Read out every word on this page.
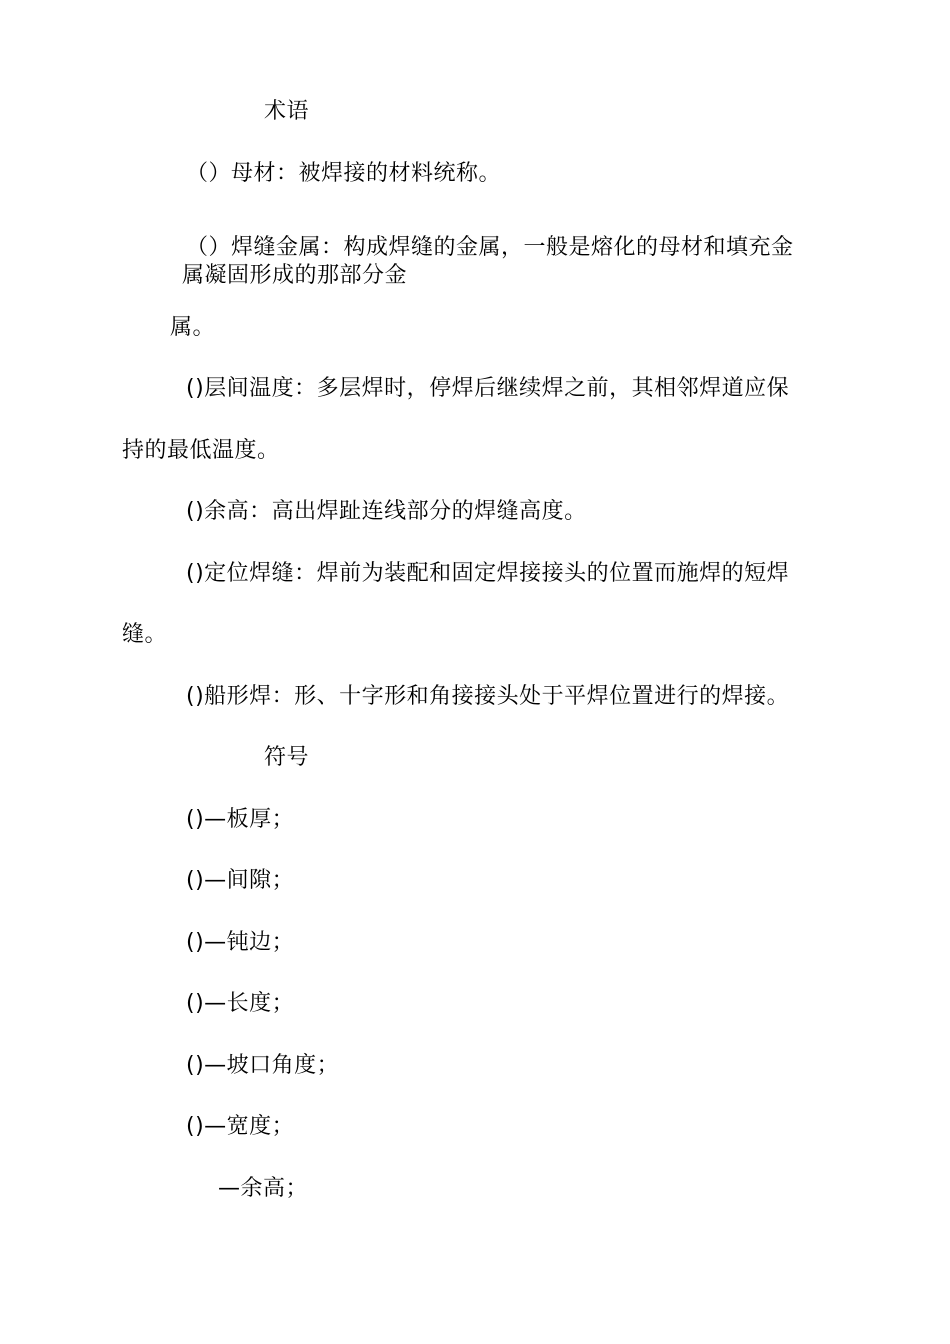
术语
（）母材：被焊接的材料统称。
（）焊缝金属：构成焊缝的金属，一般是熔化的母材和填充金
属凝固形成的那部分金
属。
()层间温度：多层焊时，停焊后继续焊之前，其相邻焊道应保
持的最低温度。
()余高：高出焊趾连线部分的焊缝高度。
()定位焊缝：焊前为装配和固定焊接接头的位置而施焊的短焊
缝。
()船形焊：形、十字形和角接接头处于平焊位置进行的焊接。
符号
()—板厚；
()—间隙；
()—钝边；
()—长度；
()—坡口角度；
()—宽度；
—余高；
